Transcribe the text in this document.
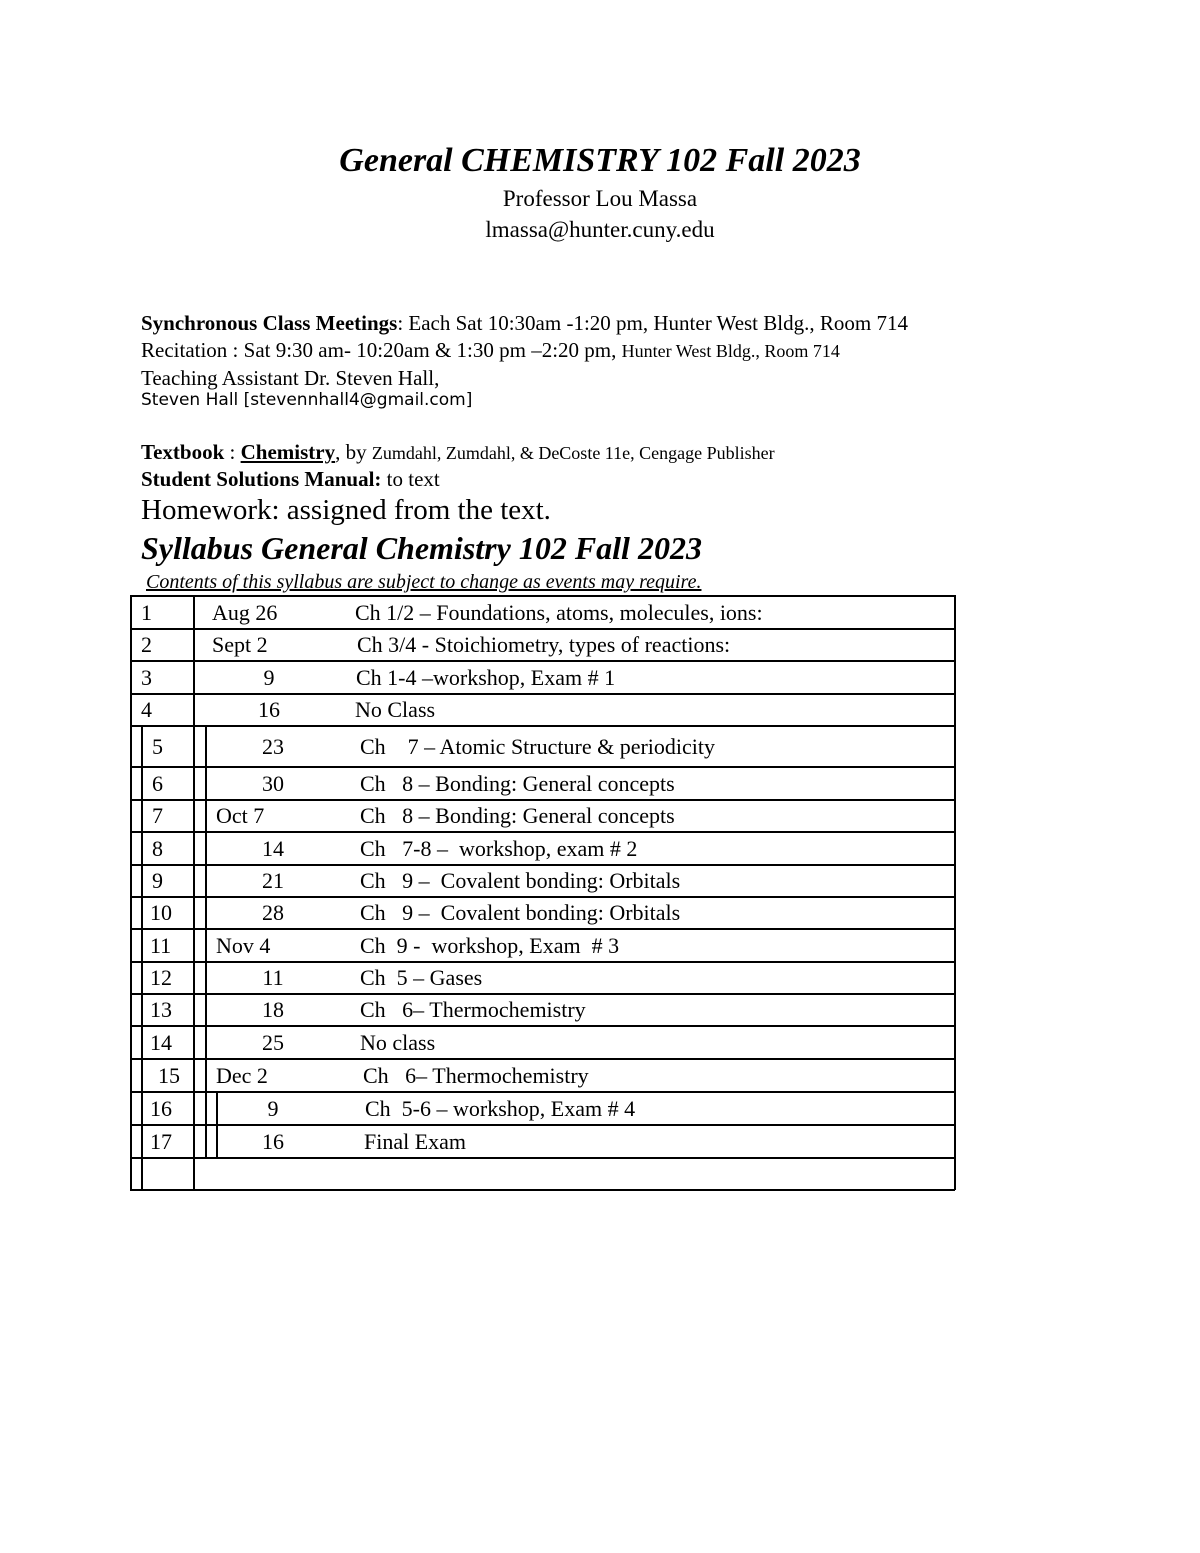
General CHEMISTRY 102 Fall 2023
Professor Lou Massa
lmassa@hunter.cuny.edu
Synchronous Class Meetings: Each Sat 10:30am -1:20 pm, Hunter West Bldg., Room 714
Recitation : Sat 9:30 am- 10:20am & 1:30 pm –2:20 pm, Hunter West Bldg., Room 714
Teaching Assistant Dr. Steven Hall,
Steven Hall [stevennhall4@gmail.com]
Textbook : Chemistry, by Zumdahl, Zumdahl, & DeCoste 11e, Cengage Publisher
Student Solutions Manual: to text
Homework: assigned from the text.
Syllabus General Chemistry 102 Fall 2023
Contents of this syllabus are subject to change as events may require.
1	Aug 26	Ch 1/2 – Foundations, atoms, molecules, ions:
2	Sept 2	Ch 3/4 - Stoichiometry, types of reactions:
3	9	Ch 1-4 –workshop, Exam # 1
4	16	No Class
5	23	Ch    7 – Atomic Structure & periodicity
6	30	Ch   8 – Bonding: General concepts
7 Oct 7	Ch   8 – Bonding: General concepts
8	14	Ch   7-8 –  workshop, exam # 2
9	21	Ch   9 –  Covalent bonding: Orbitals
10	28	Ch   9 –  Covalent bonding: Orbitals
11 Nov 4	Ch  9 -  workshop, Exam  # 3
12	11	Ch  5 – Gases
13	18	Ch   6– Thermochemistry
14	25	No class
15 Dec 2	Ch   6– Thermochemistry
16	9	Ch  5-6 – workshop, Exam # 4
17	16	Final Exam
